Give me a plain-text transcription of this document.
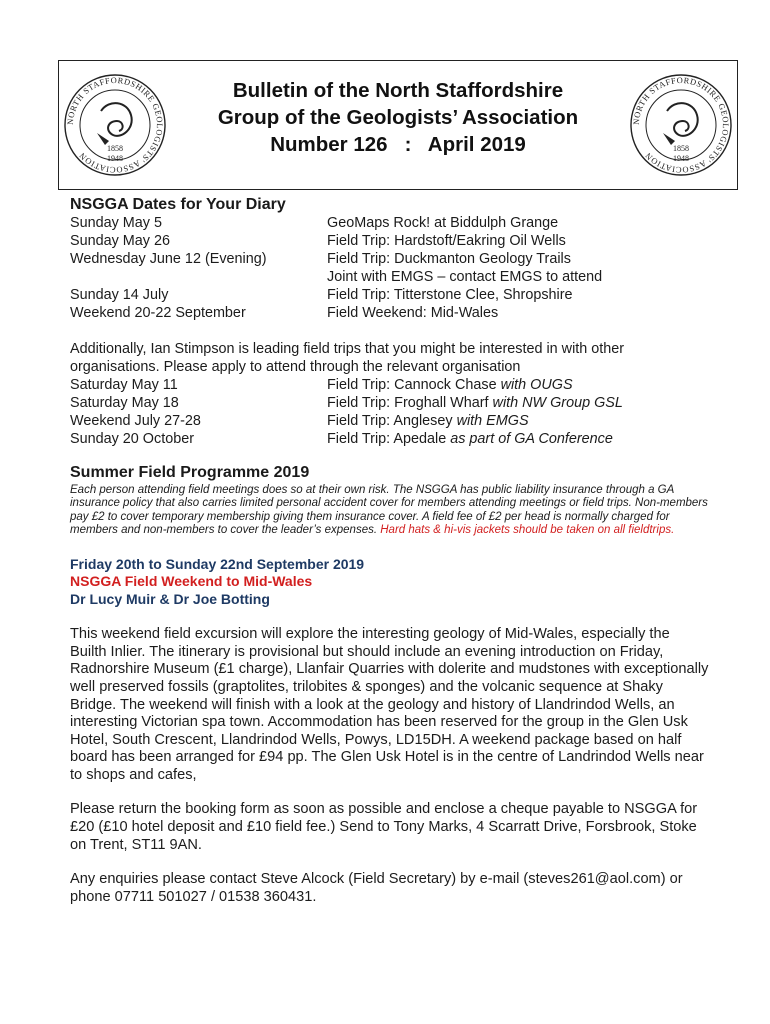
NORTH STAFFORDSHIRE GEOLOGISTS' ASSOCIATION
1858
1948
Bulletin of the North Staffordshire
Group of the Geologists’ Association
Number 126   :   April 2019
NORTH STAFFORDSHIRE GEOLOGISTS' ASSOCIATION
1858
1948
NSGGA Dates for Your Diary
Sunday May 5	GeoMaps Rock! at Biddulph Grange
Sunday May 26	Field Trip: Hardstoft/Eakring Oil Wells
Wednesday June 12 (Evening)	Field Trip: Duckmanton Geology Trails
	Joint with EMGS – contact EMGS to attend
Sunday 14 July	Field Trip: Titterstone Clee, Shropshire
Weekend 20-22 September	Field Weekend: Mid-Wales

Additionally, Ian Stimpson is leading field trips that you might be interested in with other organisations. Please apply to attend through the relevant organisation

Saturday May 11	Field Trip: Cannock Chase with OUGS
Saturday May 18	Field Trip: Froghall Wharf with NW Group GSL
Weekend July 27-28	Field Trip: Anglesey with EMGS
Sunday 20 October	Field Trip: Apedale as part of GA Conference
Summer Field Programme 2019

Each person attending field meetings does so at their own risk. The NSGGA has public liability insurance through a GA insurance policy that also carries limited personal accident cover for members attending meetings or field trips. Non-members pay £2 to cover temporary membership giving them insurance cover. A field fee of £2 per head is normally charged for members and non-members to cover the leader’s expenses. Hard hats & hi-vis jackets should be taken on all fieldtrips.

Friday 20th to Sunday 22nd September 2019

NSGGA Field Weekend to Mid-Wales

Dr Lucy Muir & Dr Joe Botting

This weekend field excursion will explore the interesting geology of Mid-Wales, especially the Builth Inlier. The itinerary is provisional but should include an evening introduction on Friday, Radnorshire Museum (£1 charge), Llanfair Quarries with dolerite and mudstones with exceptionally well preserved fossils (graptolites, trilobites & sponges) and the volcanic sequence at Shaky Bridge. The weekend will finish with a look at the geology and history of Llandrindod Wells, an interesting Victorian spa town. Accommodation has been reserved for the group in the Glen Usk Hotel, South Crescent, Llandrindod Wells, Powys, LD15DH. A weekend package based on half board has been arranged for £94 pp. The Glen Usk Hotel is in the centre of Landrindod Wells near to shops and cafes,

Please return the booking form as soon as possible and enclose a cheque payable to NSGGA for £20 (£10 hotel deposit and £10 field fee.) Send to Tony Marks, 4 Scarratt Drive, Forsbrook, Stoke on Trent, ST11 9AN.

Any enquiries please contact Steve Alcock (Field Secretary) by e-mail (steves261@aol.com) or phone 07711 501027 / 01538 360431.
